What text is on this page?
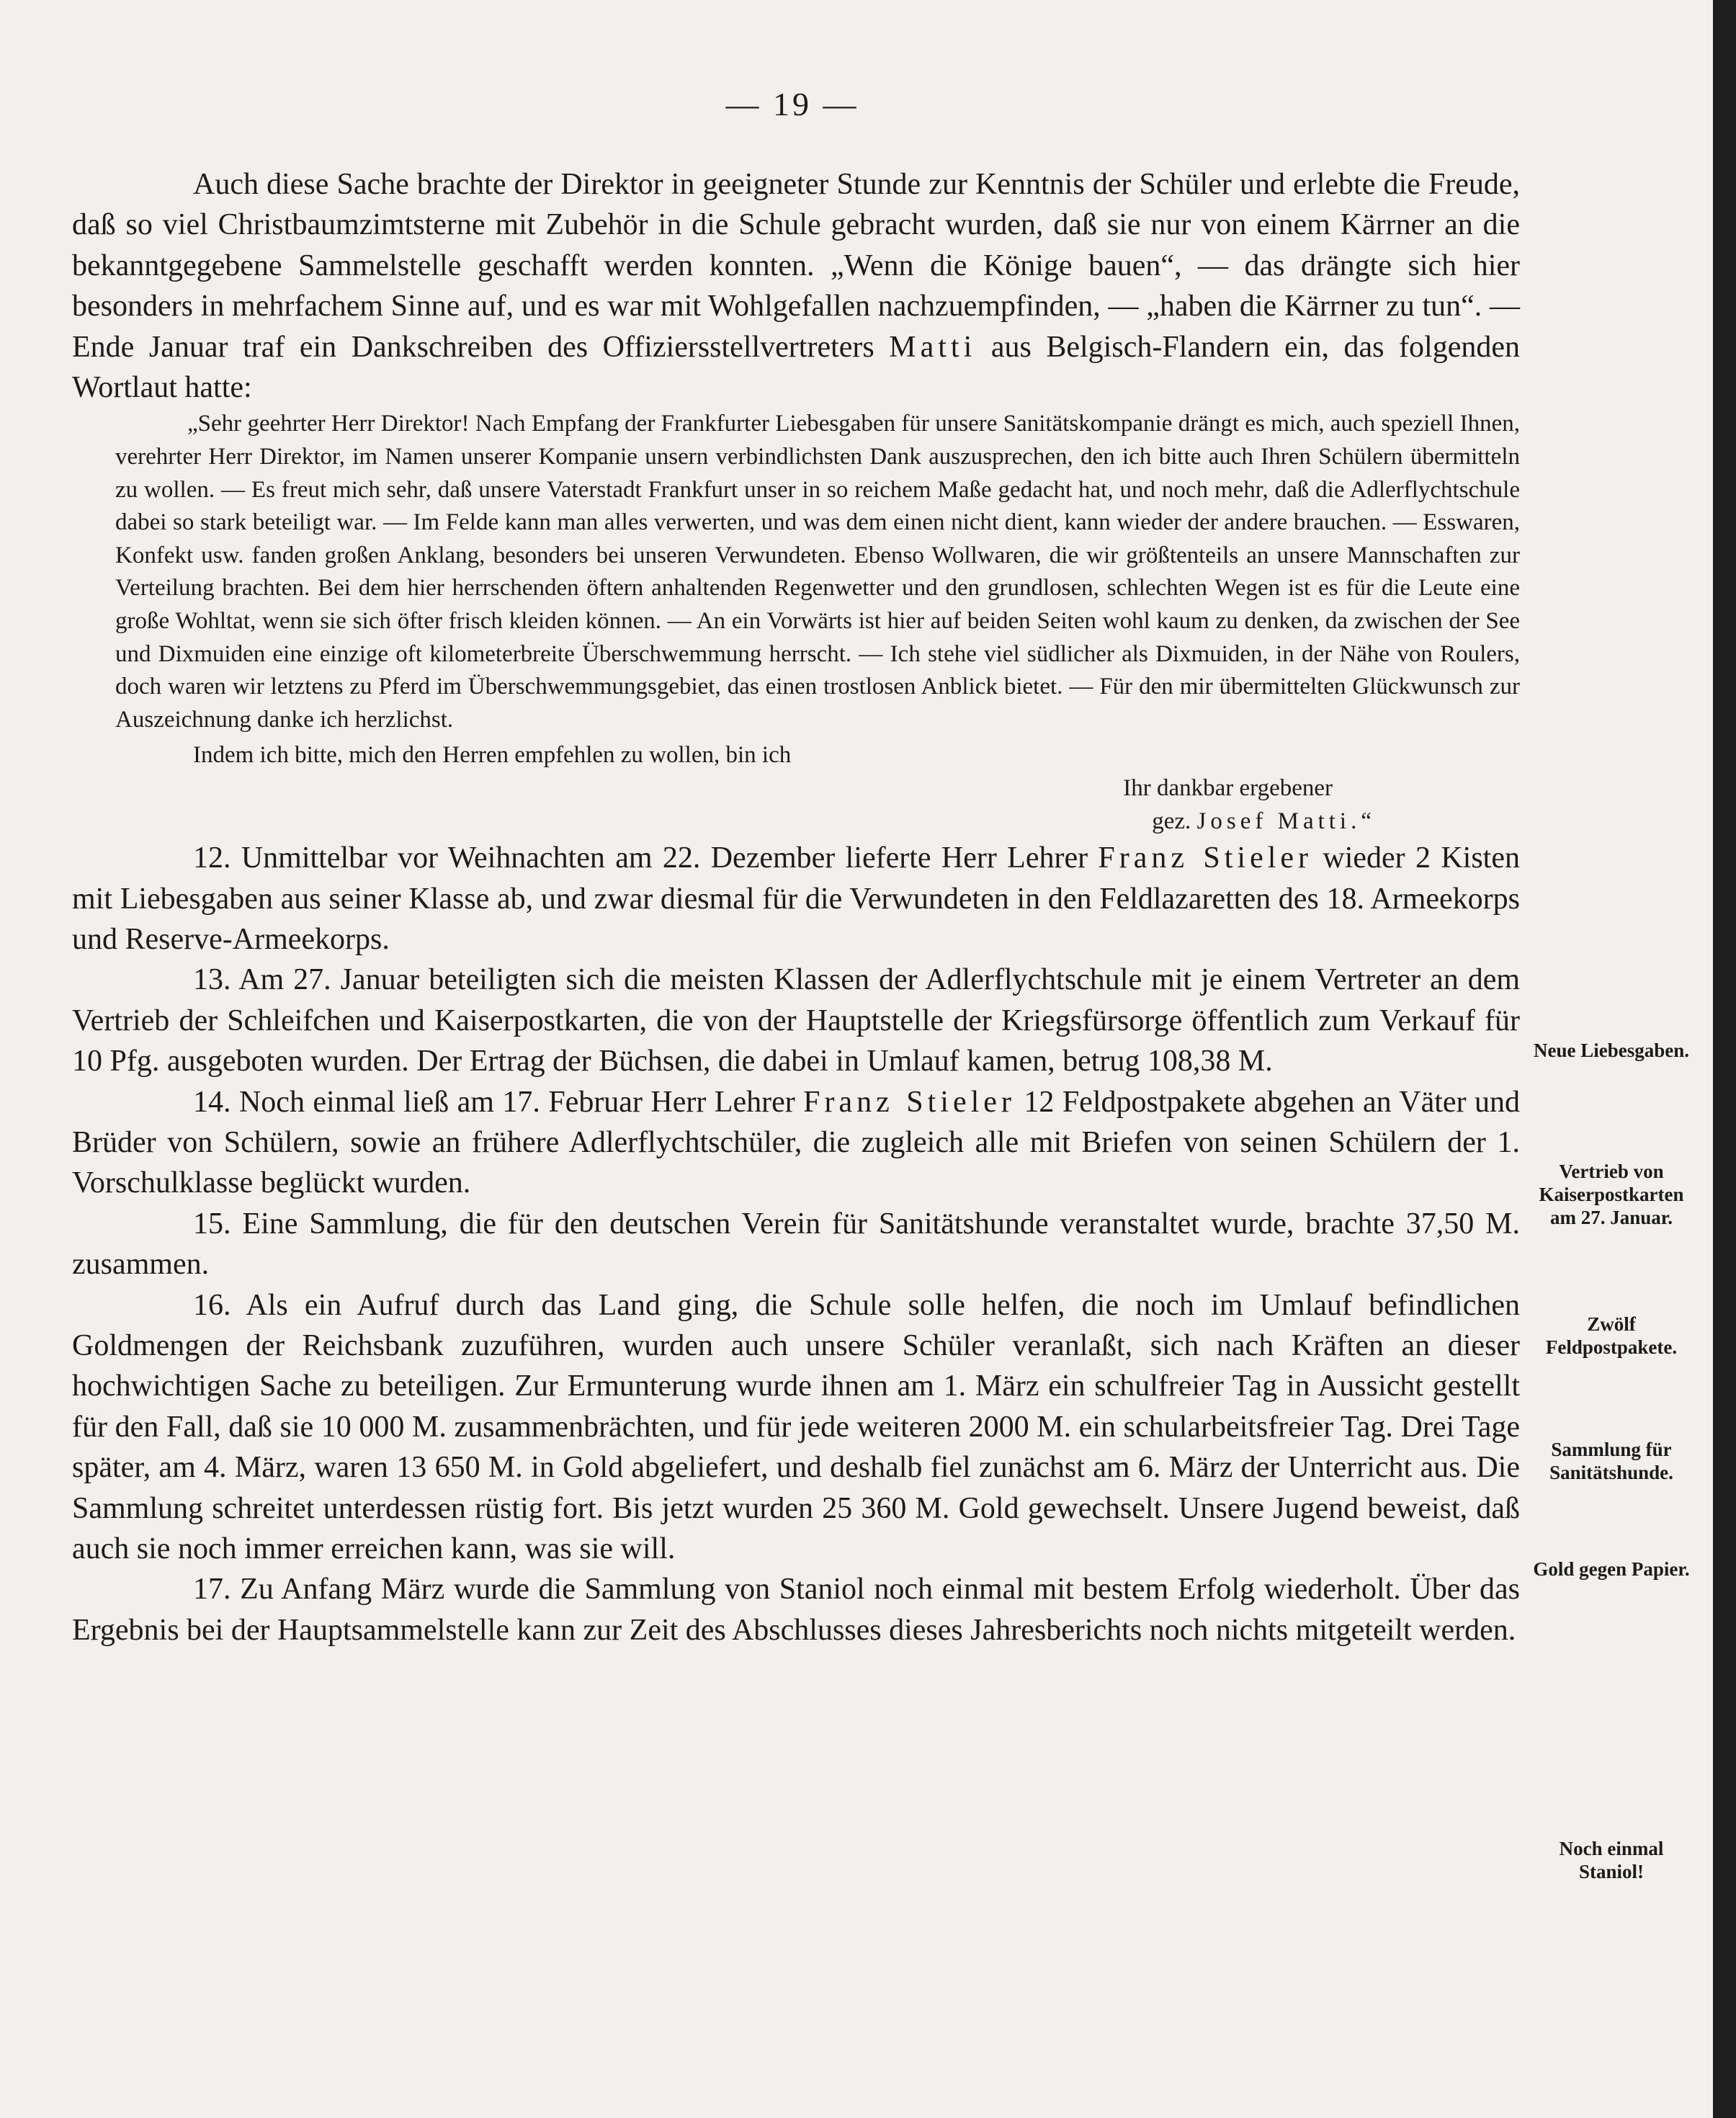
— 19 —

Auch diese Sache brachte der Direktor in geeigneter Stunde zur Kenntnis der Schüler und erlebte die Freude, daß so viel Christbaumzimtsterne mit Zubehör in die Schule gebracht wurden, daß sie nur von einem Kärrner an die bekanntgegebene Sammelstelle geschafft werden konnten. „Wenn die Könige bauen“, — das drängte sich hier besonders in mehrfachem Sinne auf, und es war mit Wohlgefallen nachzuempfinden, — „haben die Kärrner zu tun“. — Ende Januar traf ein Dankschreiben des Offiziersstellvertreters Matti aus Belgisch-Flandern ein, das folgenden Wortlaut hatte:

„Sehr geehrter Herr Direktor! Nach Empfang der Frankfurter Liebesgaben für unsere Sanitätskompanie drängt es mich, auch speziell Ihnen, verehrter Herr Direktor, im Namen unserer Kompanie unsern verbindlichsten Dank auszusprechen, den ich bitte auch Ihren Schülern übermitteln zu wollen. — Es freut mich sehr, daß unsere Vaterstadt Frankfurt unser in so reichem Maße gedacht hat, und noch mehr, daß die Adlerflychtschule dabei so stark beteiligt war. — Im Felde kann man alles verwerten, und was dem einen nicht dient, kann wieder der andere brauchen. — Esswaren, Konfekt usw. fanden großen Anklang, besonders bei unseren Verwundeten. Ebenso Wollwaren, die wir größtenteils an unsere Mannschaften zur Verteilung brachten. Bei dem hier herrschenden öftern anhaltenden Regenwetter und den grundlosen, schlechten Wegen ist es für die Leute eine große Wohltat, wenn sie sich öfter frisch kleiden können. — An ein Vorwärts ist hier auf beiden Seiten wohl kaum zu denken, da zwischen der See und Dixmuiden eine einzige oft kilometerbreite Überschwemmung herrscht. — Ich stehe viel südlicher als Dixmuiden, in der Nähe von Roulers, doch waren wir letztens zu Pferd im Überschwemmungsgebiet, das einen trostlosen Anblick bietet. — Für den mir übermittelten Glückwunsch zur Auszeichnung danke ich herzlichst.

Indem ich bitte, mich den Herren empfehlen zu wollen, bin ich

Ihr dankbar ergebener

gez. Josef Matti.“

12. Unmittelbar vor Weihnachten am 22. Dezember lieferte Herr Lehrer Franz Stieler wieder 2 Kisten mit Liebesgaben aus seiner Klasse ab, und zwar diesmal für die Verwundeten in den Feldlazaretten des 18. Armeekorps und Reserve-Armeekorps.

13. Am 27. Januar beteiligten sich die meisten Klassen der Adlerflychtschule mit je einem Vertreter an dem Vertrieb der Schleifchen und Kaiserpostkarten, die von der Hauptstelle der Kriegsfürsorge öffentlich zum Verkauf für 10 Pfg. ausgeboten wurden. Der Ertrag der Büchsen, die dabei in Umlauf kamen, betrug 108,38 M.

14. Noch einmal ließ am 17. Februar Herr Lehrer Franz Stieler 12 Feldpostpakete abgehen an Väter und Brüder von Schülern, sowie an frühere Adlerflychtschüler, die zugleich alle mit Briefen von seinen Schülern der 1. Vorschulklasse beglückt wurden.

15. Eine Sammlung, die für den deutschen Verein für Sanitätshunde veranstaltet wurde, brachte 37,50 M. zusammen.

16. Als ein Aufruf durch das Land ging, die Schule solle helfen, die noch im Umlauf befindlichen Goldmengen der Reichsbank zuzuführen, wurden auch unsere Schüler veranlaßt, sich nach Kräften an dieser hochwichtigen Sache zu beteiligen. Zur Ermunterung wurde ihnen am 1. März ein schulfreier Tag in Aussicht gestellt für den Fall, daß sie 10 000 M. zusammenbrächten, und für jede weiteren 2000 M. ein schularbeitsfreier Tag. Drei Tage später, am 4. März, waren 13 650 M. in Gold abgeliefert, und deshalb fiel zunächst am 6. März der Unterricht aus. Die Sammlung schreitet unterdessen rüstig fort. Bis jetzt wurden 25 360 M. Gold gewechselt. Unsere Jugend beweist, daß auch sie noch immer erreichen kann, was sie will.

17. Zu Anfang März wurde die Sammlung von Staniol noch einmal mit bestem Erfolg wiederholt. Über das Ergebnis bei der Hauptsammelstelle kann zur Zeit des Abschlusses dieses Jahresberichts noch nichts mitgeteilt werden.

Neue Liebesgaben.
Vertrieb von Kaiserpostkarten am 27. Januar.
Zwölf Feldpostpakete.
Sammlung für Sanitätshunde.
Gold gegen Papier.
Noch einmal Staniol!
